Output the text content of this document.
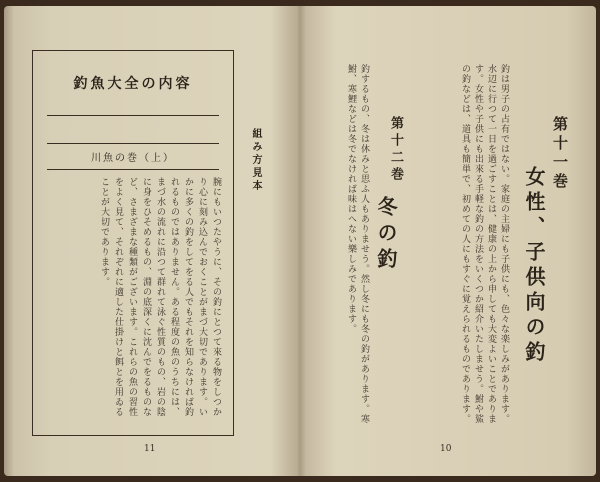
釣魚大全の内容
川魚の巻（上）
腕にもいつたやうに、その釣にとつて來る物をしつかり心に刻み込んでおくことがまづ大切であります。いかに多くの釣をしてをる人でもそれを知らなければ釣れるものではありません。ある程度の魚のうちには、まづ水の流れに沿つて群れて泳ぐ性質のもの、岩の陰に身をひそめるもの、淵の底深くに沈んでをるものなど、さまざまな種類がございます。これらの魚の習性をよく見て、それぞれに適した仕掛けと餌とを用ゐることが大切であります。
組み方見本
11
第十一巻
女性、子供向の釣
釣は男子の占有ではない。家庭の主婦にも子供にも、色々な楽しみがあります。水辺に行つて一日を過ごすことは、健康の上から申しても大変よいことであります。女性や子供にも出來る手軽な釣の方法をいくつか紹介いたしませう。鮒や鯊の釣などは、道具も簡単で、初めての人にもすぐに覚えられるものであります。
第十二巻
冬の釣
釣するもの、冬は休みと思ふ人もありませう。然し冬にも冬の釣があります。寒鮒、寒鯉などは冬でなければ味はへない樂しみであります。
10
